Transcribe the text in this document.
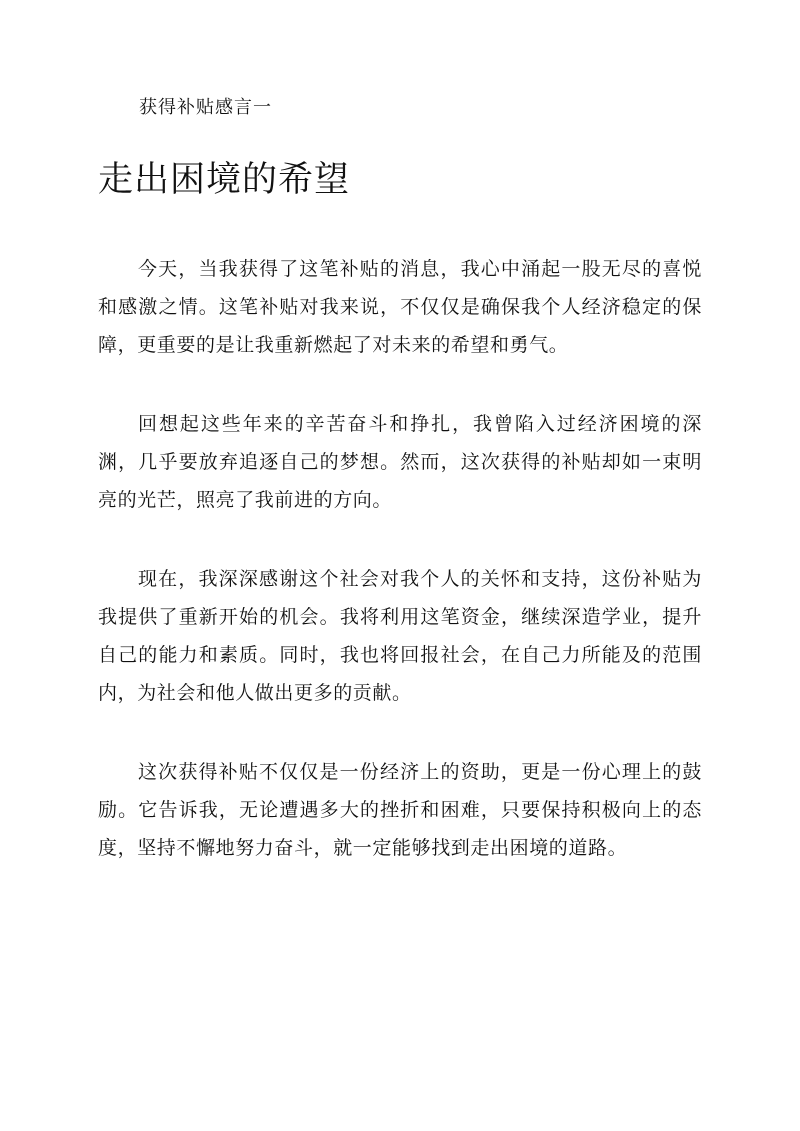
获得补贴感言一
走出困境的希望

今天，当我获得了这笔补贴的消息，我心中涌起一股无尽的喜悦和感激之情。这笔补贴对我来说，不仅仅是确保我个人经济稳定的保障，更重要的是让我重新燃起了对未来的希望和勇气。

回想起这些年来的辛苦奋斗和挣扎，我曾陷入过经济困境的深渊，几乎要放弃追逐自己的梦想。然而，这次获得的补贴却如一束明亮的光芒，照亮了我前进的方向。

现在，我深深感谢这个社会对我个人的关怀和支持，这份补贴为我提供了重新开始的机会。我将利用这笔资金，继续深造学业，提升自己的能力和素质。同时，我也将回报社会，在自己力所能及的范围内，为社会和他人做出更多的贡献。

这次获得补贴不仅仅是一份经济上的资助，更是一份心理上的鼓励。它告诉我，无论遭遇多大的挫折和困难，只要保持积极向上的态度，坚持不懈地努力奋斗，就一定能够找到走出困境的道路。
